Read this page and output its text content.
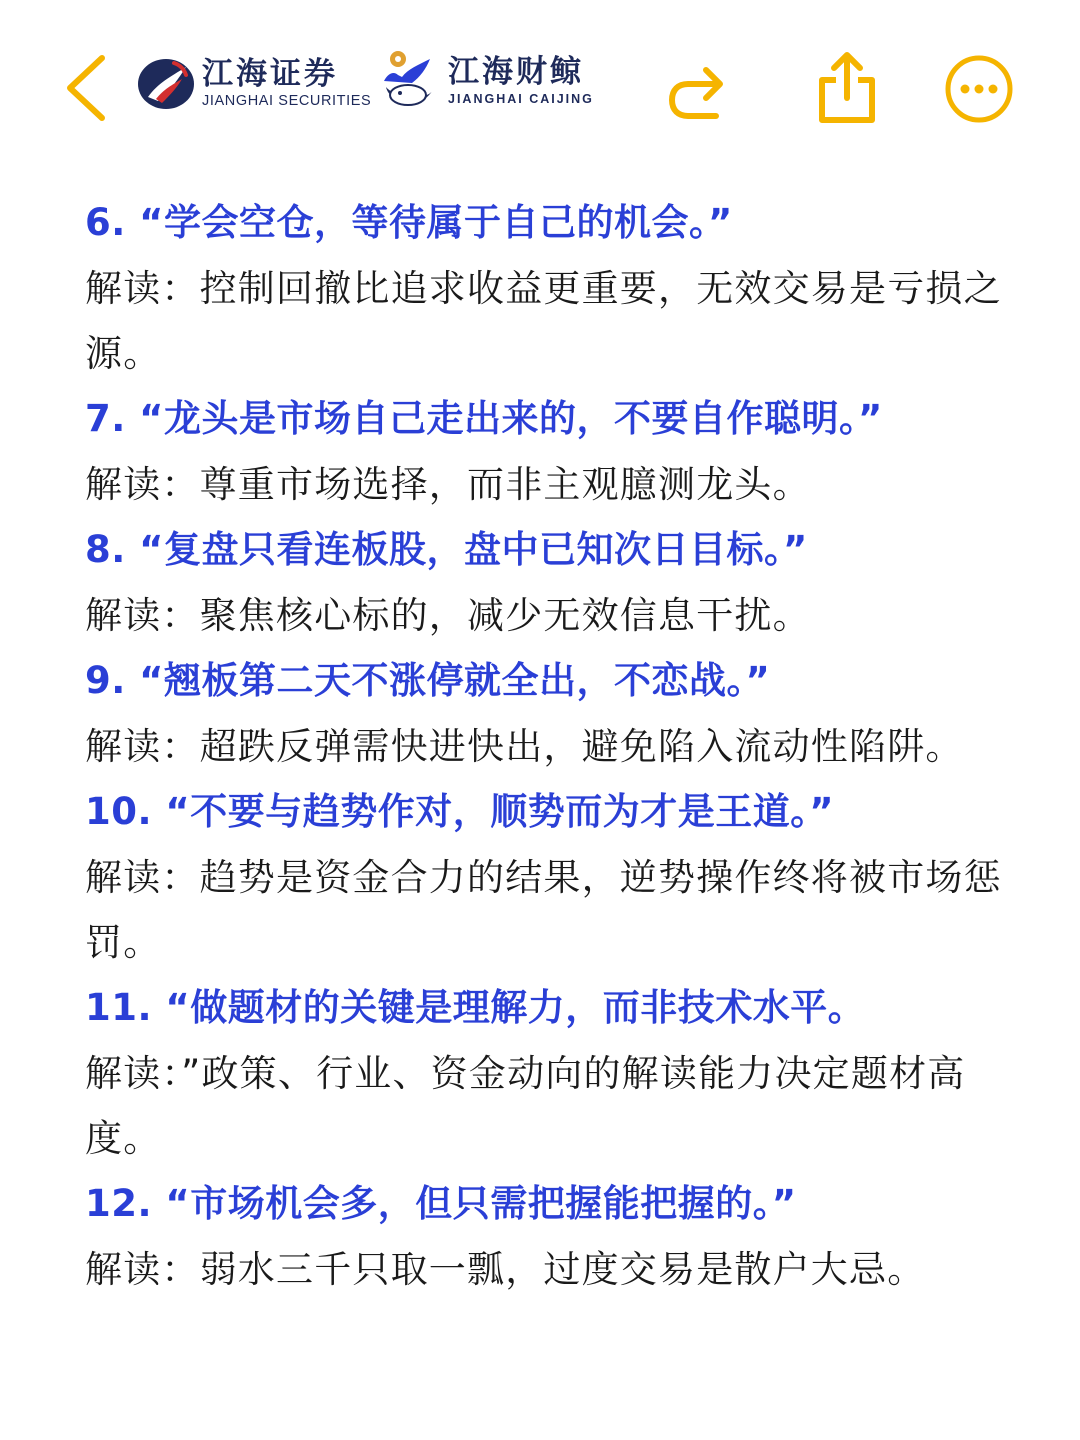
江海证券
JIANGHAI SECURITIES
江海财鲸
JIANGHAI CAIJING
6. “学会空仓，等待属于自己的机会。”
解读：控制回撤比追求收益更重要，无效交易是亏损之源。
7. “龙头是市场自己走出来的，不要自作聪明。”
解读：尊重市场选择，而非主观臆测龙头。
8. “复盘只看连板股，盘中已知次日目标。”
解读：聚焦核心标的，减少无效信息干扰。
9. “翘板第二天不涨停就全出，不恋战。”
解读：超跌反弹需快进快出，避免陷入流动性陷阱。
10. “不要与趋势作对，顺势而为才是王道。”
解读：趋势是资金合力的结果，逆势操作终将被市场惩罚。
11. “做题材的关键是理解力，而非技术水平。
解读：”政策、行业、资金动向的解读能力决定题材高度。
12. “市场机会多，但只需把握能把握的。”
解读：弱水三千只取一瓢，过度交易是散户大忌。
